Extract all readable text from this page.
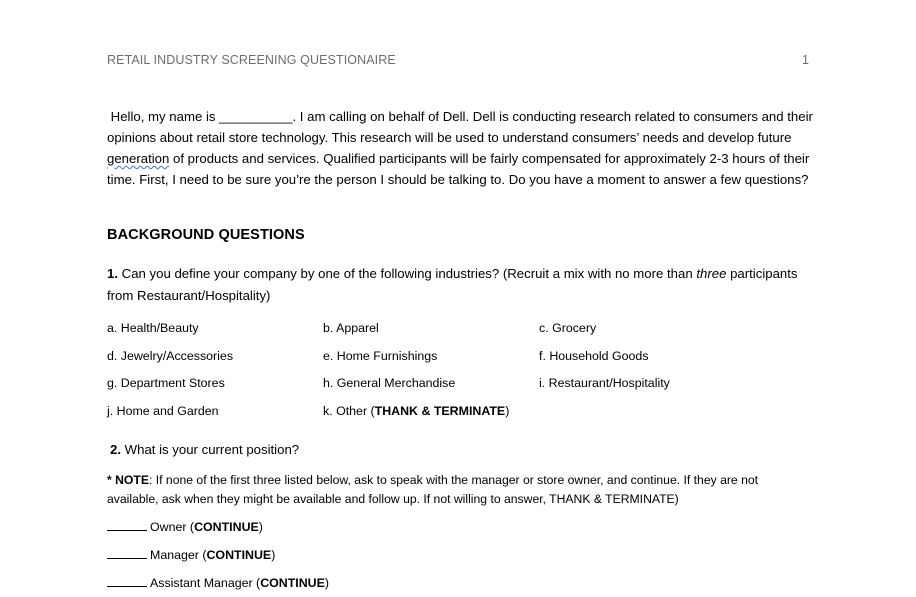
RETAIL INDUSTRY SCREENING QUESTIONAIRE	1
Hello, my name is __________. I am calling on behalf of Dell. Dell is conducting research related to consumers and their opinions about retail store technology. This research will be used to understand consumers’ needs and develop future generation of products and services. Qualified participants will be fairly compensated for approximately 2-3 hours of their time. First, I need to be sure you’re the person I should be talking to. Do you have a moment to answer a few questions?
BACKGROUND QUESTIONS
1. Can you define your company by one of the following industries? (Recruit a mix with no more than three participants from Restaurant/Hospitality)
a. Health/Beauty	b. Apparel	c. Grocery
d. Jewelry/Accessories	e. Home Furnishings	f. Household Goods
g. Department Stores	h. General Merchandise	i. Restaurant/Hospitality
j. Home and Garden	k. Other (THANK & TERMINATE)
2. What is your current position?
* NOTE: If none of the first three listed below, ask to speak with the manager or store owner, and continue. If they are not available, ask when they might be available and follow up. If not willing to answer, THANK & TERMINATE)
Owner (CONTINUE)
Manager (CONTINUE)
Assistant Manager (CONTINUE)
